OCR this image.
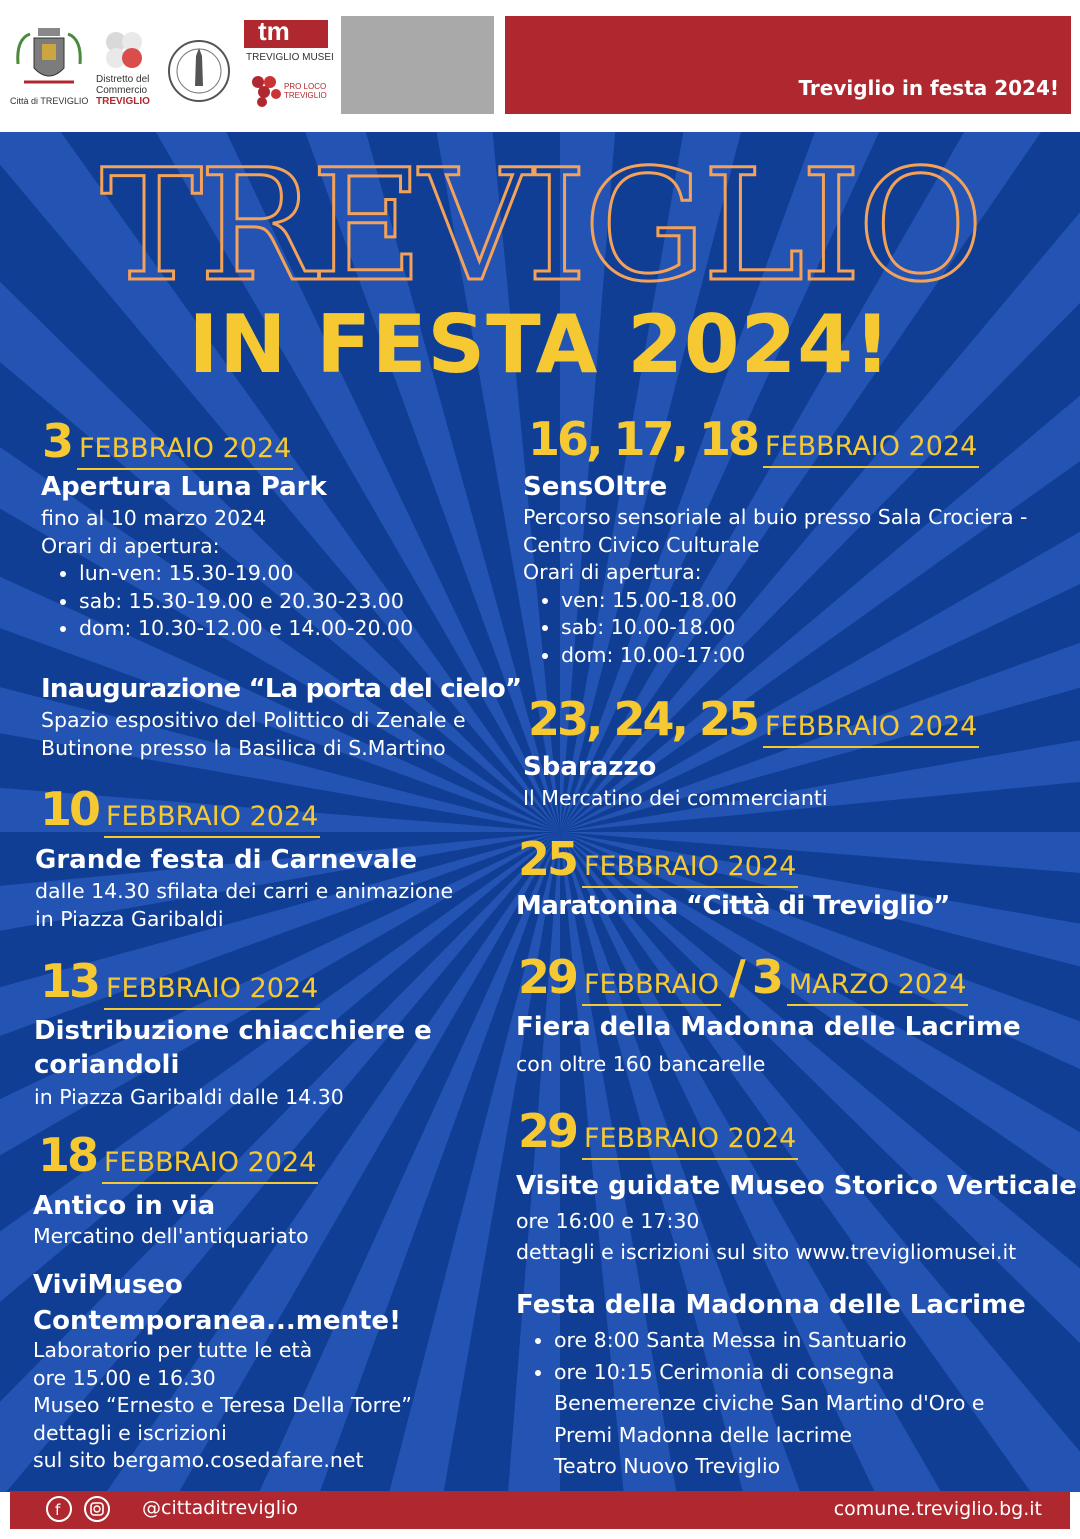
Città di TREVIGLIO
Distretto del
Commercio
TREVIGLIO
tm
TREVIGLIO MUSEI
PRO LOCO
TREVIGLIO	Treviglio in festa 2024!
TREVIGLIO
IN FESTA 2024!
3 FEBBRAIO 2024
Apertura Luna Park
fino al 10 marzo 2024
Orari di apertura:
• lun-ven: 15.30-19.00
• sab: 15.30-19.00 e 20.30-23.00
• dom: 10.30-12.00 e 14.00-20.00
Inaugurazione “La porta del cielo”
Spazio espositivo del Polittico di Zenale e
Butinone presso la Basilica di S.Martino
10 FEBBRAIO 2024
Grande festa di Carnevale
dalle 14.30 sfilata dei carri e animazione
in Piazza Garibaldi
13 FEBBRAIO 2024
Distribuzione chiacchiere e
coriandoli
in Piazza Garibaldi dalle 14.30
18 FEBBRAIO 2024
Antico in via
Mercatino dell'antiquariato
ViviMuseo
Contemporanea...mente!
Laboratorio per tutte le età
ore 15.00 e 16.30
Museo “Ernesto e Teresa Della Torre”
dettagli e iscrizioni
sul sito bergamo.cosedafare.net
16, 17, 18 FEBBRAIO 2024
SensOltre
Percorso sensoriale al buio presso Sala Crociera -
Centro Civico Culturale
Orari di apertura:
• ven: 15.00-18.00
• sab: 10.00-18.00
• dom: 10.00-17:00
23, 24, 25 FEBBRAIO 2024
Sbarazzo
Il Mercatino dei commercianti
25 FEBBRAIO 2024
Maratonina “Città di Treviglio”
29 FEBBRAIO / 3 MARZO 2024
Fiera della Madonna delle Lacrime
con oltre 160 bancarelle
29 FEBBRAIO 2024
Visite guidate Museo Storico Verticale
ore 16:00 e 17:30
dettagli e iscrizioni sul sito www.trevigliomusei.it
Festa della Madonna delle Lacrime
• ore 8:00 Santa Messa in Santuario
• ore 10:15 Cerimonia di consegna
Benemerenze civiche San Martino d'Oro e
Premi Madonna delle lacrime
Teatro Nuovo Treviglio
f	@cittaditreviglio	comune.treviglio.bg.it
